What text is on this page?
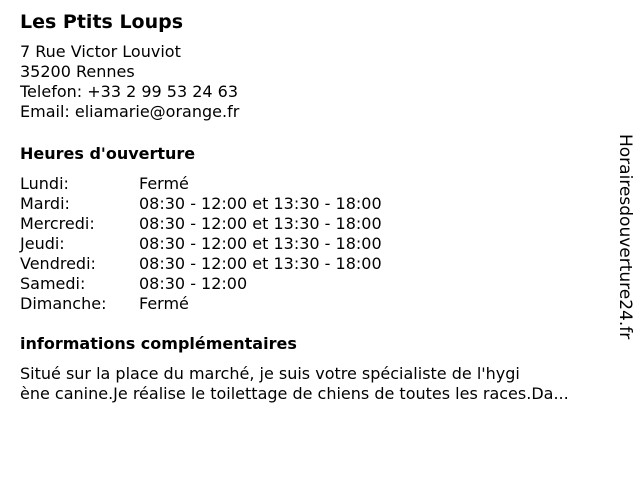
Les Ptits Loups
7 Rue Victor Louviot
35200 Rennes
Telefon: +33 2 99 53 24 63
Email: eliamarie@orange.fr
Heures d'ouverture
Lundi:	Fermé
Mardi:	08:30 - 12:00 et 13:30 - 18:00
Mercredi:	08:30 - 12:00 et 13:30 - 18:00
Jeudi:	08:30 - 12:00 et 13:30 - 18:00
Vendredi:	08:30 - 12:00 et 13:30 - 18:00
Samedi:	08:30 - 12:00
Dimanche: Fermé
informations complémentaires
Situé sur la place du marché, je suis votre spécialiste de l'hygi
ène canine.Je réalise le toilettage de chiens de toutes les races.Da...
Horairesdouverture24.fr
